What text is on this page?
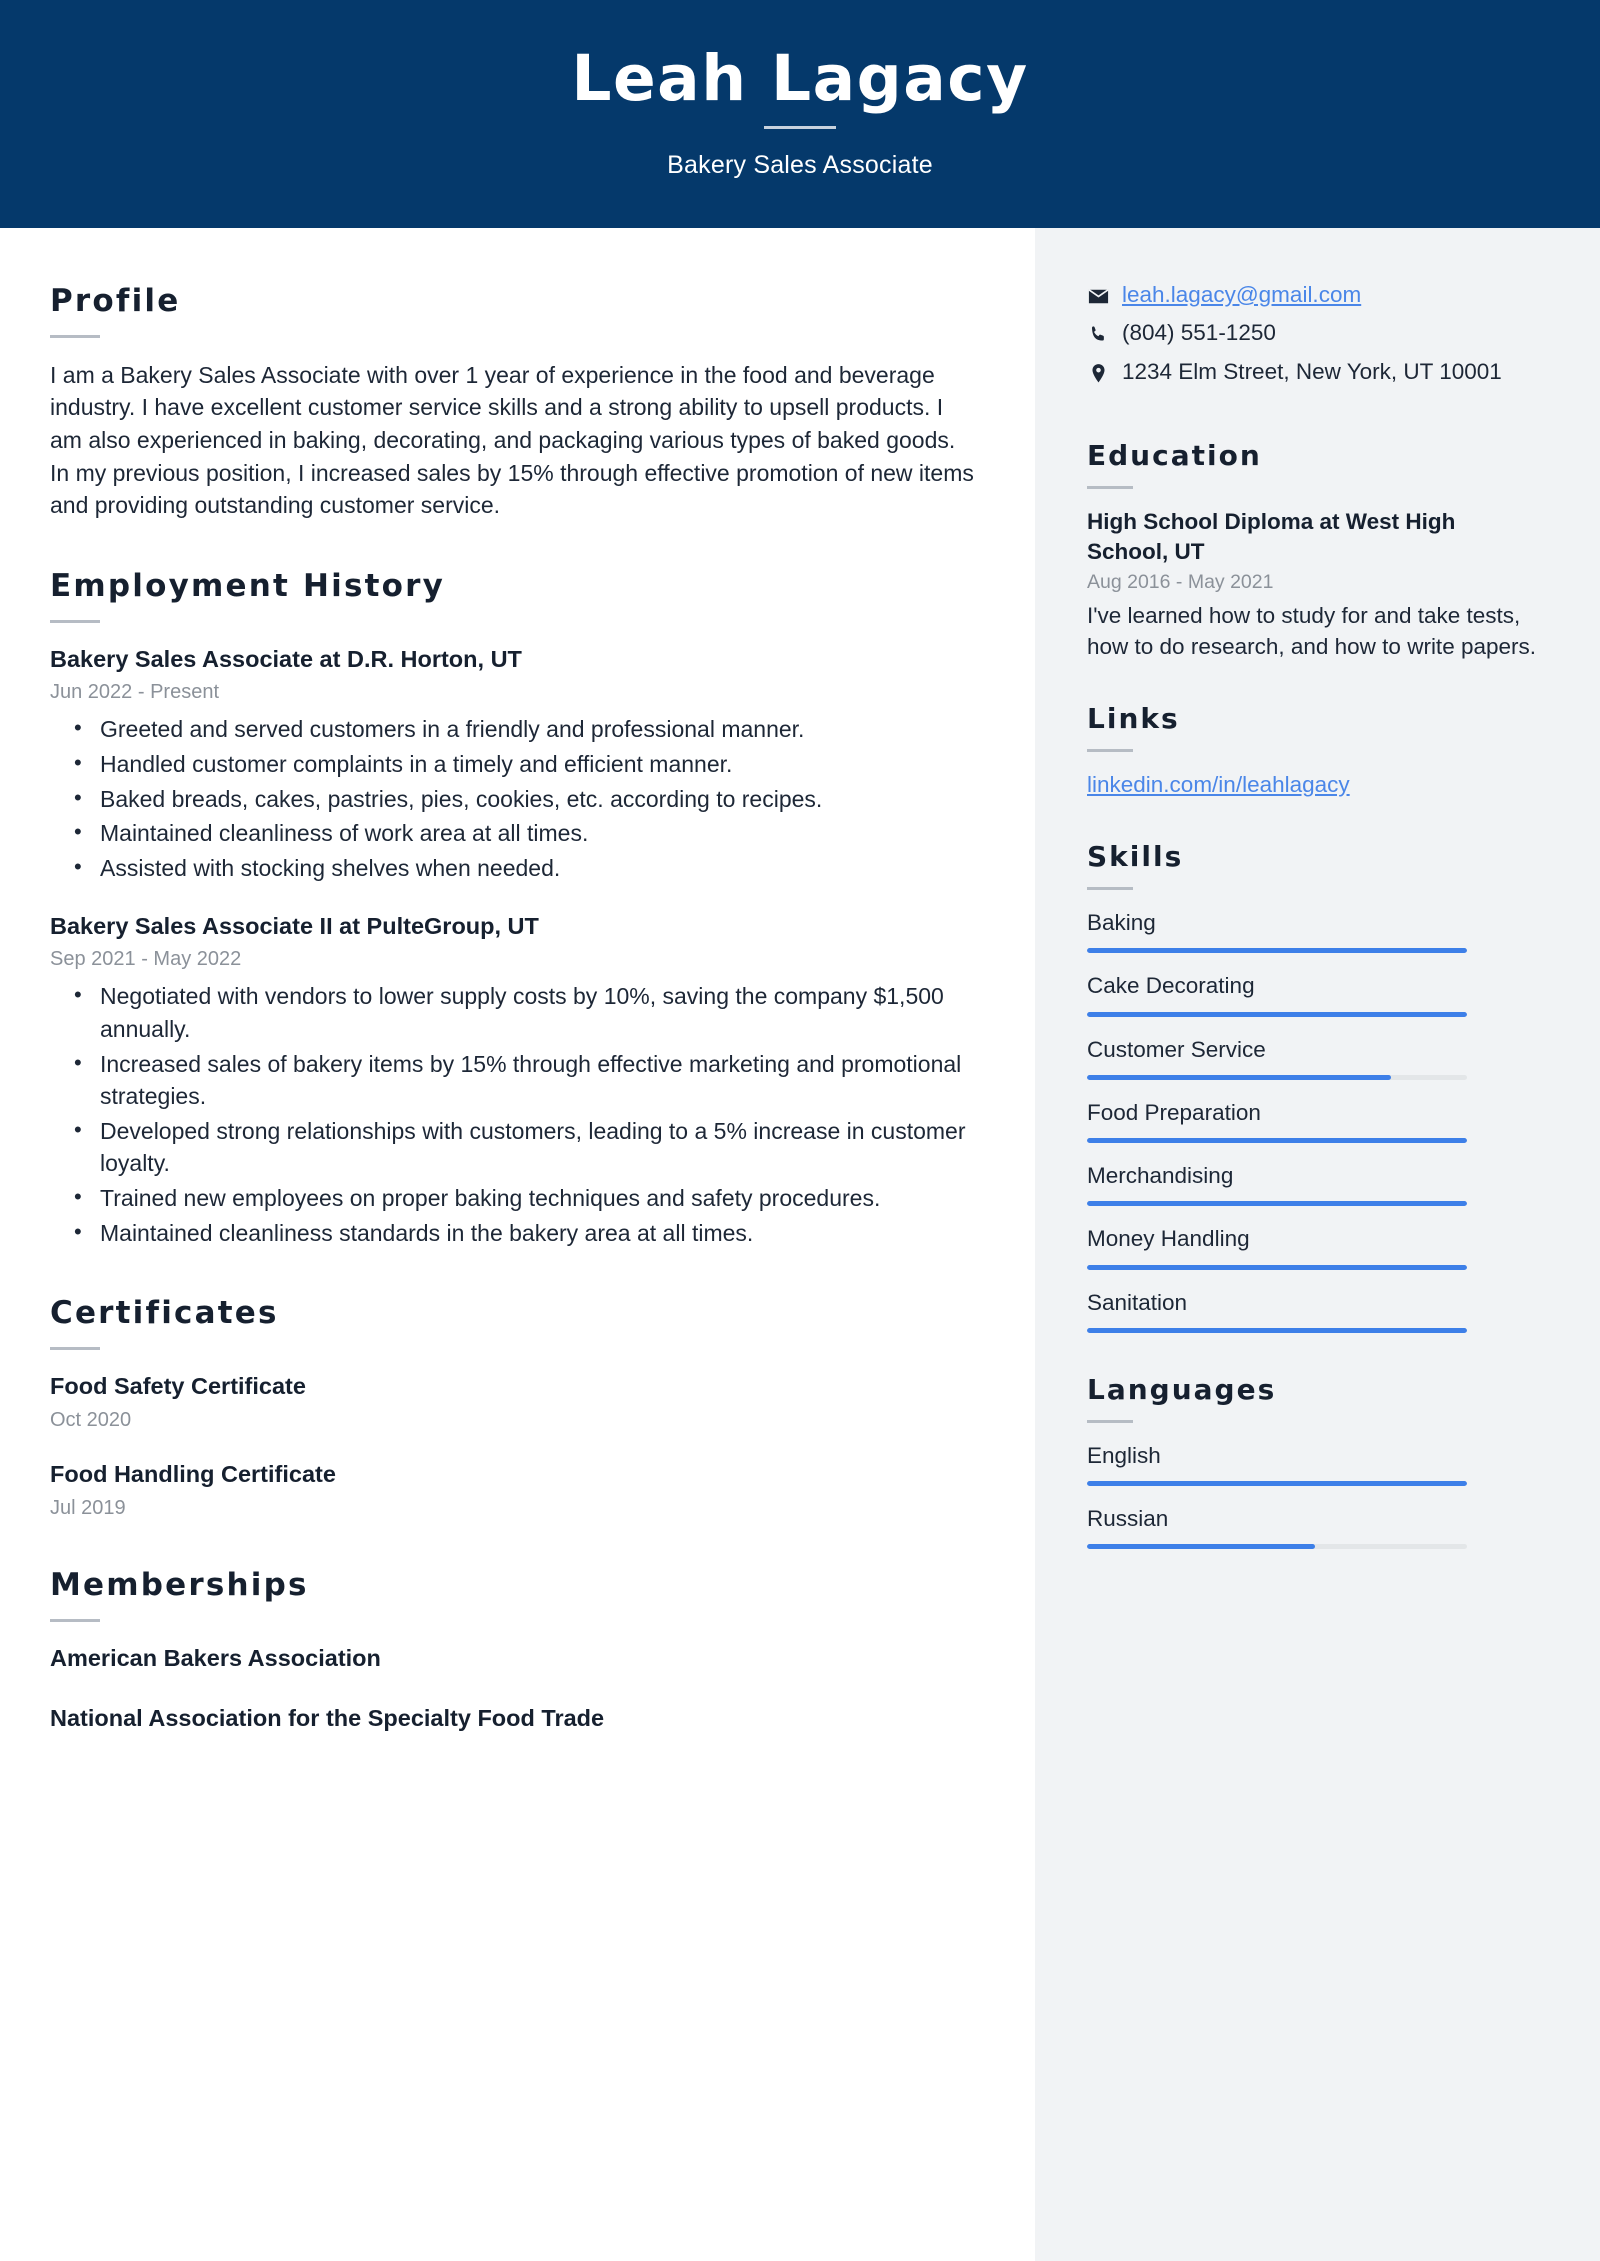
Leah Lagacy
Bakery Sales Associate
Profile
I am a Bakery Sales Associate with over 1 year of experience in the food and beverage industry. I have excellent customer service skills and a strong ability to upsell products. I am also experienced in baking, decorating, and packaging various types of baked goods. In my previous position, I increased sales by 15% through effective promotion of new items and providing outstanding customer service.
Employment History
Bakery Sales Associate at D.R. Horton, UT
Jun 2022 - Present
• Greeted and served customers in a friendly and professional manner.
• Handled customer complaints in a timely and efficient manner.
• Baked breads, cakes, pastries, pies, cookies, etc. according to recipes.
• Maintained cleanliness of work area at all times.
• Assisted with stocking shelves when needed.
Bakery Sales Associate II at PulteGroup, UT
Sep 2021 - May 2022
• Negotiated with vendors to lower supply costs by 10%, saving the company $1,500 annually.
• Increased sales of bakery items by 15% through effective marketing and promotional strategies.
• Developed strong relationships with customers, leading to a 5% increase in customer loyalty.
• Trained new employees on proper baking techniques and safety procedures.
• Maintained cleanliness standards in the bakery area at all times.
Certificates
Food Safety Certificate
Oct 2020
Food Handling Certificate
Jul 2019
Memberships
American Bakers Association
National Association for the Specialty Food Trade
leah.lagacy@gmail.com
(804) 551-1250
1234 Elm Street, New York, UT 10001
Education
High School Diploma at West High School, UT
Aug 2016 - May 2021
I've learned how to study for and take tests, how to do research, and how to write papers.
Links
linkedin.com/in/leahlagacy
Skills
Baking
Cake Decorating
Customer Service
Food Preparation
Merchandising
Money Handling
Sanitation
Languages
English
Russian
